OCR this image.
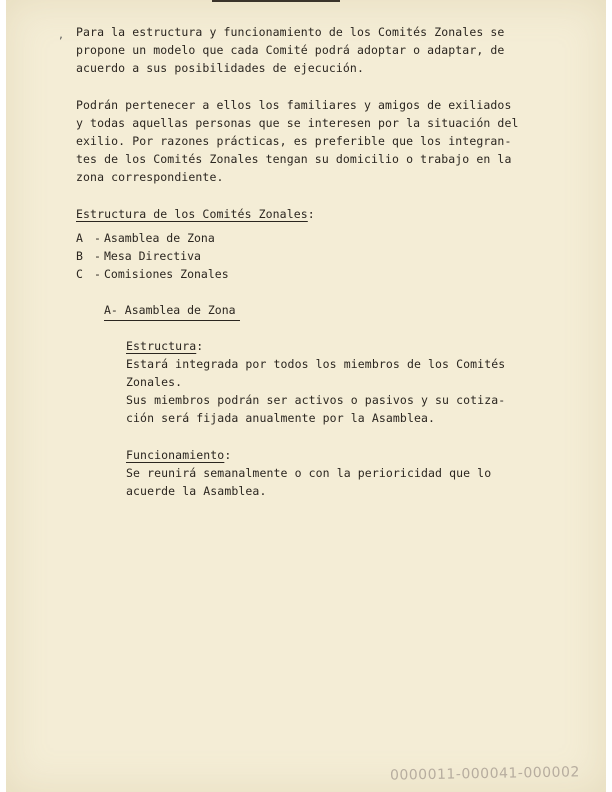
, Para la estructura y funcionamiento de los Comités Zonales se

propone un modelo que cada Comité podrá adoptar o adaptar, de

acuerdo a sus posibilidades de ejecución.

Podrán pertenecer a ellos los familiares y amigos de exiliados

y todas aquellas personas que se interesen por la situación del

exilio. Por razones prácticas, es preferible que los integran-

tes de los Comités Zonales tengan su domicilio o trabajo en la

zona correspondiente.

Estructura de los Comités Zonales:

A - Asamblea de Zona
B - Mesa Directiva
C - Comisiones Zonales
A- Asamblea de Zona

Estructura:

Estará integrada por todos los miembros de los Comités

Zonales.

Sus miembros podrán ser activos o pasivos y su cotiza-

ción será fijada anualmente por la Asamblea.

Funcionamiento:

Se reunirá semanalmente o con la perioricidad que lo

acuerde la Asamblea.

0000011-000041-000002
